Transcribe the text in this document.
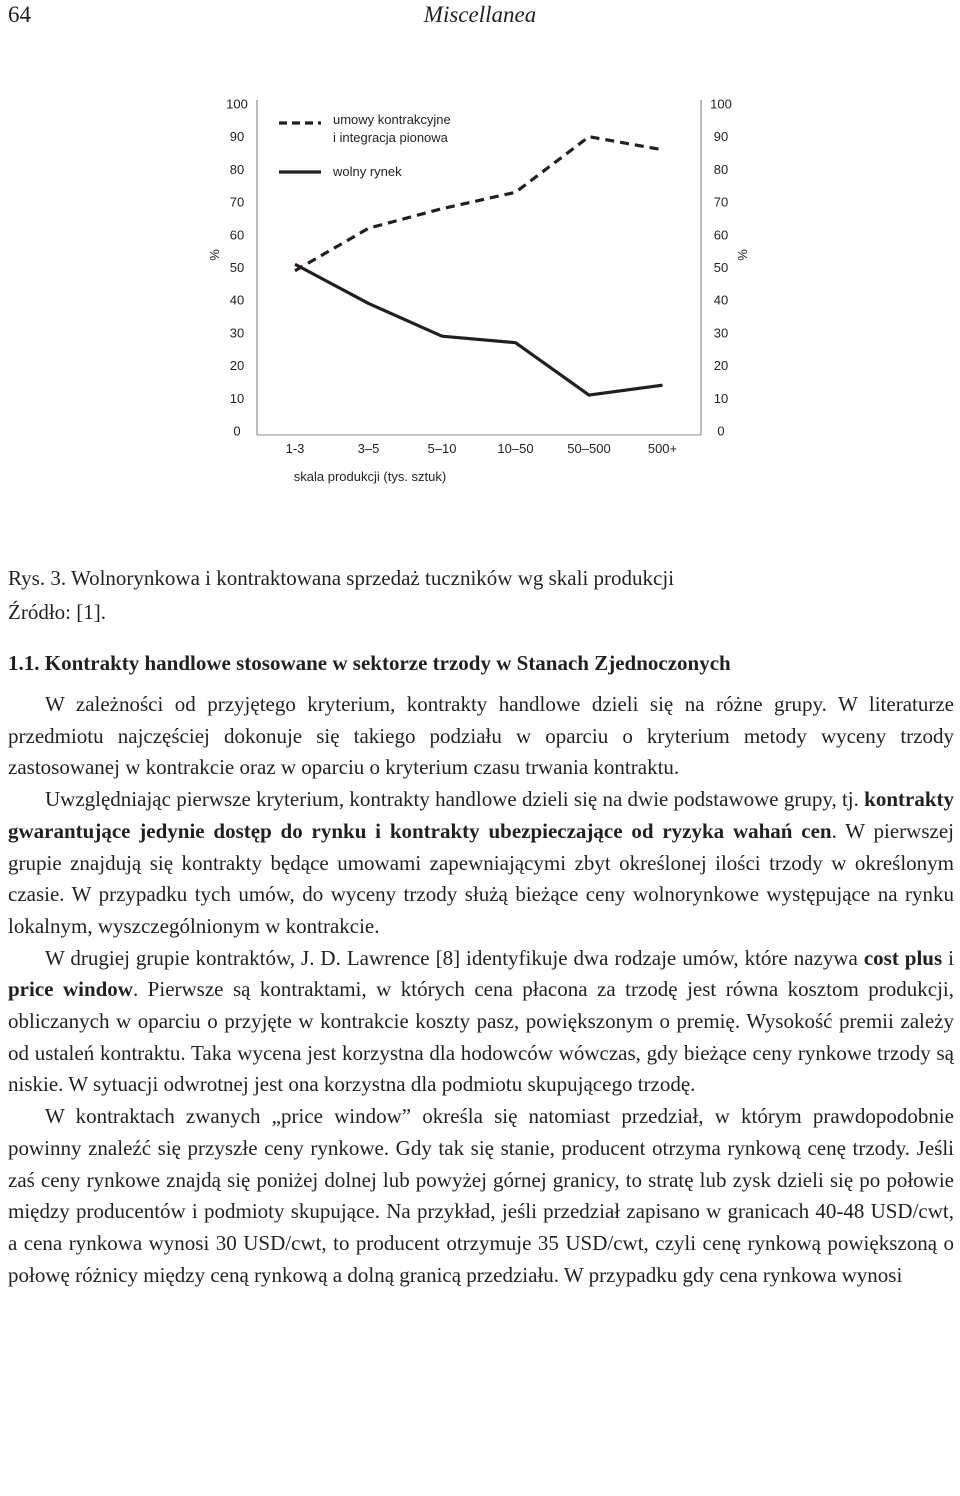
64	Miscellanea
0	0
10	10
20	20
30	30
40	40
50	50
60	60
70	70
80	80
90	90
100	100
1-3	3–5	5–10	10–50	50–500	500+
umowy kontrakcyjne
i integracja pionowa
wolny rynek
skala produkcji (tys. sztuk)
%	%
Rys. 3. Wolnorynkowa i kontraktowana sprzedaż tuczników wg skali produkcji
Źródło: [1].
1.1. Kontrakty handlowe stosowane w sektorze trzody w Stanach Zjednoczonych

W zależności od przyjętego kryterium, kontrakty handlowe dzieli się na różne grupy. W literaturze przedmiotu najczęściej dokonuje się takiego podziału w oparciu o kryterium metody wyceny trzody zastosowanej w kontrakcie oraz w oparciu o kryterium czasu trwania kontraktu.

Uwzględniając pierwsze kryterium, kontrakty handlowe dzieli się na dwie podstawowe grupy, tj. kontrakty gwarantujące jedynie dostęp do rynku i kontrakty ubezpieczające od ryzyka wahań cen. W pierwszej grupie znajdują się kontrakty będące umowami zapewniającymi zbyt określonej ilości trzody w określonym czasie. W przypadku tych umów, do wyceny trzody służą bieżące ceny wolnorynkowe występujące na rynku lokalnym, wyszczególnionym w kontrakcie.

W drugiej grupie kontraktów, J. D. Lawrence [8] identyfikuje dwa rodzaje umów, które nazywa cost plus i price window. Pierwsze są kontraktami, w których cena płacona za trzodę jest równa kosztom produkcji, obliczanych w oparciu o przyjęte w kontrakcie koszty pasz, powiększonym o premię. Wysokość premii zależy od ustaleń kontraktu. Taka wycena jest korzystna dla hodowców wówczas, gdy bieżące ceny rynkowe trzody są niskie. W sytuacji odwrotnej jest ona korzystna dla podmiotu skupującego trzodę.

W kontraktach zwanych „price window” określa się natomiast przedział, w którym prawdopodobnie powinny znaleźć się przyszłe ceny rynkowe. Gdy tak się stanie, producent otrzyma rynkową cenę trzody. Jeśli zaś ceny rynkowe znajdą się poniżej dolnej lub powyżej górnej granicy, to stratę lub zysk dzieli się po połowie między producentów i podmioty skupujące. Na przykład, jeśli przedział zapisano w granicach 40-48 USD/cwt, a cena rynkowa wynosi 30 USD/cwt, to producent otrzymuje 35 USD/cwt, czyli cenę rynkową powiększoną o połowę różnicy między ceną rynkową a dolną granicą przedziału. W przypadku gdy cena rynkowa wynosi
